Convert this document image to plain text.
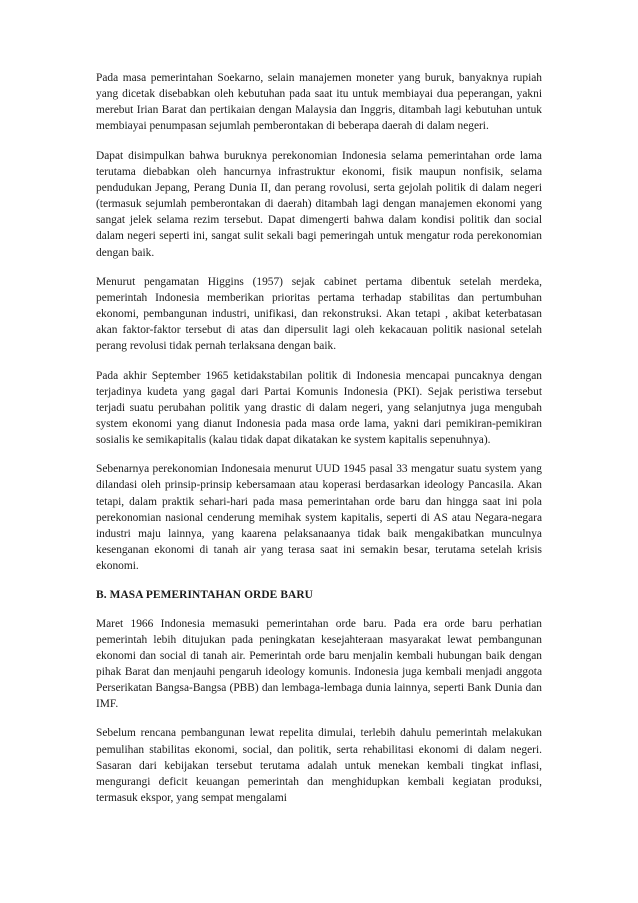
Pada masa pemerintahan Soekarno, selain manajemen moneter yang buruk, banyaknya rupiah yang dicetak disebabkan oleh kebutuhan pada saat itu untuk membiayai dua peperangan, yakni merebut Irian Barat dan pertikaian dengan Malaysia dan Inggris, ditambah lagi kebutuhan untuk membiayai penumpasan sejumlah pemberontakan di beberapa daerah di dalam negeri.

Dapat disimpulkan bahwa buruknya perekonomian Indonesia selama pemerintahan orde lama terutama diebabkan oleh hancurnya infrastruktur ekonomi, fisik maupun nonfisik, selama pendudukan Jepang, Perang Dunia II, dan perang rovolusi, serta gejolah politik di dalam negeri (termasuk sejumlah pemberontakan di daerah) ditambah lagi dengan manajemen ekonomi yang sangat jelek selama rezim tersebut. Dapat dimengerti bahwa dalam kondisi politik dan social dalam negeri seperti ini, sangat sulit sekali bagi pemeringah untuk mengatur roda perekonomian dengan baik.

Menurut pengamatan Higgins (1957) sejak cabinet pertama dibentuk setelah merdeka, pemerintah Indonesia memberikan prioritas pertama terhadap stabilitas dan pertumbuhan ekonomi, pembangunan industri, unifikasi, dan rekonstruksi. Akan tetapi , akibat keterbatasan akan faktor-faktor tersebut di atas dan dipersulit lagi oleh kekacauan politik nasional setelah perang revolusi tidak pernah terlaksana dengan baik.

Pada akhir September 1965 ketidakstabilan politik di Indonesia mencapai puncaknya dengan terjadinya kudeta yang gagal dari Partai Komunis Indonesia (PKI). Sejak peristiwa tersebut terjadi suatu perubahan politik yang drastic di dalam negeri, yang selanjutnya juga mengubah system ekonomi yang dianut Indonesia pada masa orde lama, yakni dari pemikiran-pemikiran sosialis ke semikapitalis (kalau tidak dapat dikatakan ke system kapitalis sepenuhnya).

Sebenarnya perekonomian Indonesaia menurut UUD 1945 pasal 33 mengatur suatu system yang dilandasi oleh prinsip-prinsip kebersamaan atau koperasi berdasarkan ideology Pancasila. Akan tetapi, dalam praktik sehari-hari pada masa pemerintahan orde baru dan hingga saat ini pola perekonomian nasional cenderung memihak system kapitalis, seperti di AS atau Negara-negara industri maju lainnya, yang kaarena pelaksanaanya tidak baik mengakibatkan munculnya kesenganan ekonomi di tanah air yang terasa saat ini semakin besar, terutama setelah krisis ekonomi.

B. MASA PEMERINTAHAN ORDE BARU

Maret 1966 Indonesia memasuki pemerintahan orde baru. Pada era orde baru perhatian pemerintah lebih ditujukan pada peningkatan kesejahteraan masyarakat lewat pembangunan ekonomi dan social di tanah air. Pemerintah orde baru menjalin kembali hubungan baik dengan pihak Barat dan menjauhi pengaruh ideology komunis. Indonesia juga kembali menjadi anggota Perserikatan Bangsa-Bangsa (PBB) dan lembaga-lembaga dunia lainnya, seperti Bank Dunia dan IMF.

Sebelum rencana pembangunan lewat repelita dimulai, terlebih dahulu pemerintah melakukan pemulihan stabilitas ekonomi, social, dan politik, serta rehabilitasi ekonomi di dalam negeri. Sasaran dari kebijakan tersebut terutama adalah untuk menekan kembali tingkat inflasi, mengurangi deficit keuangan pemerintah dan menghidupkan kembali kegiatan produksi, termasuk ekspor, yang sempat mengalami
